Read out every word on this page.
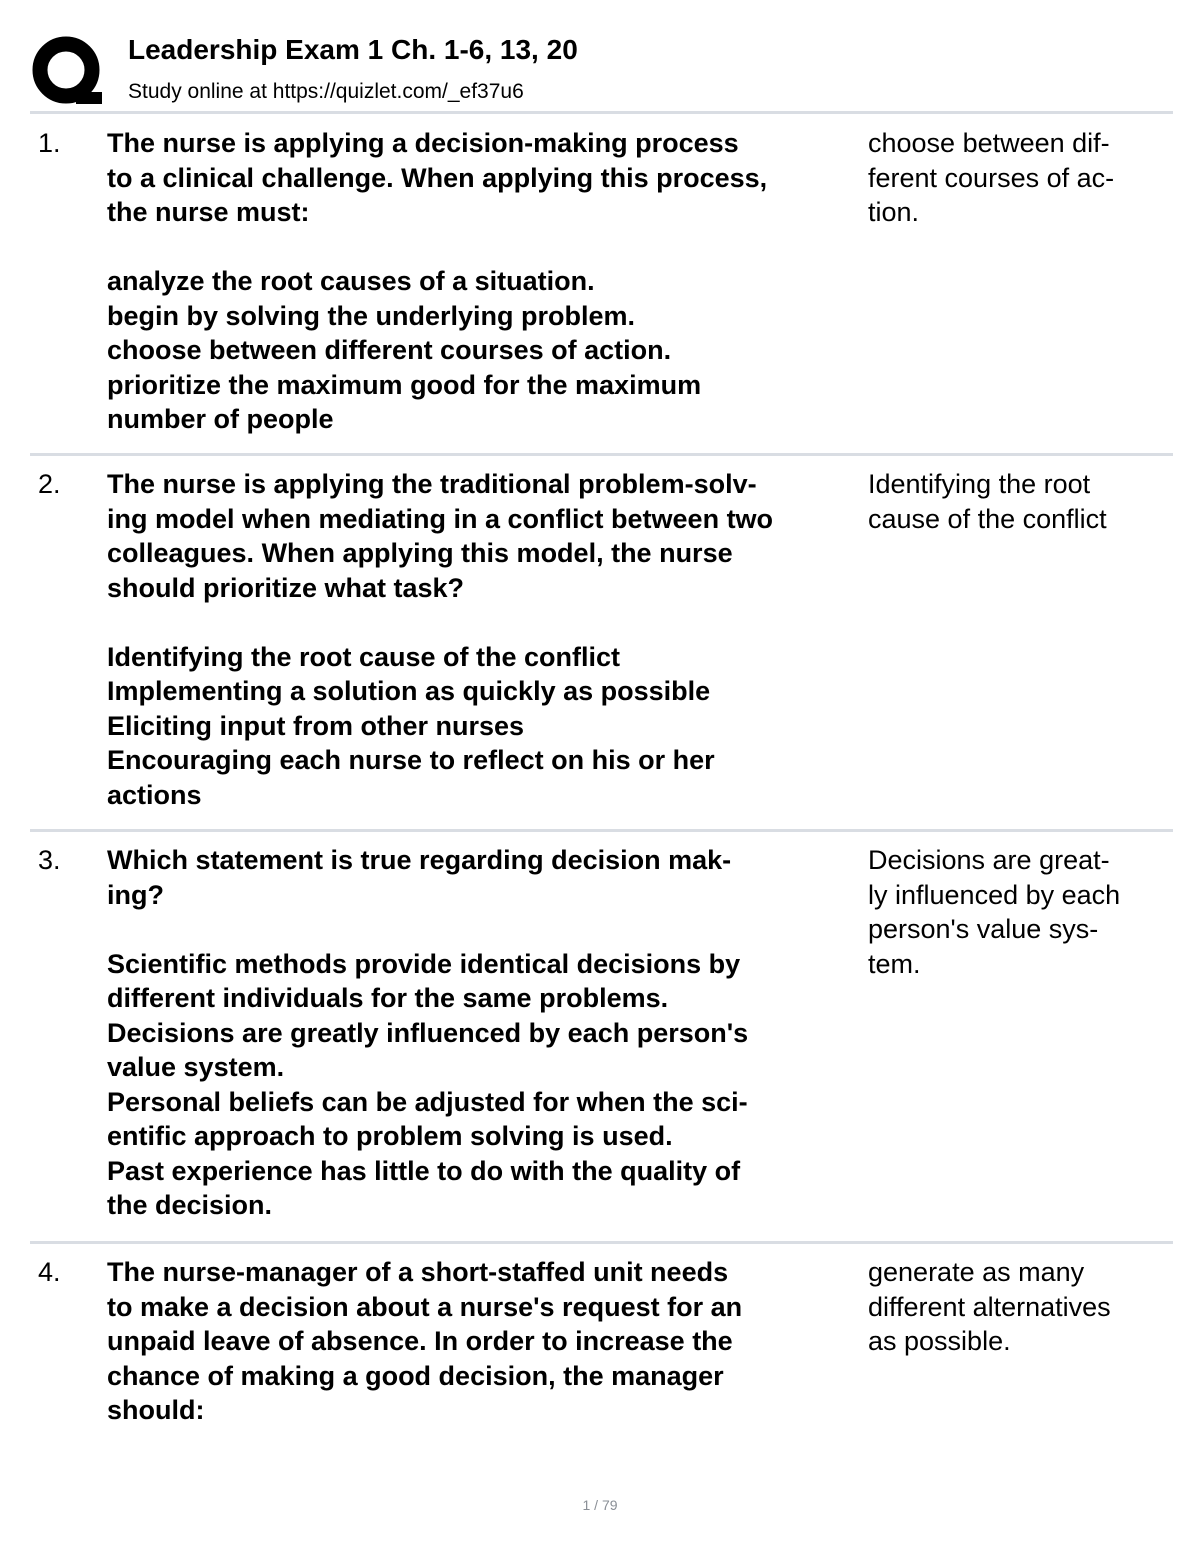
Leadership Exam 1 Ch. 1-6, 13, 20
Study online at https://quizlet.com/_ef37u6
1. The nurse is applying a decision-making process
to a clinical challenge. When applying this process,
the nurse must:
analyze the root causes of a situation.
begin by solving the underlying problem.
choose between different courses of action.
prioritize the maximum good for the maximum
number of people
choose between dif-
ferent courses of ac-
tion.
2. The nurse is applying the traditional problem-solv-
ing model when mediating in a conflict between two
colleagues. When applying this model, the nurse
should prioritize what task?
Identifying the root cause of the conflict
Implementing a solution as quickly as possible
Eliciting input from other nurses
Encouraging each nurse to reflect on his or her
actions
Identifying the root
cause of the conflict
3. Which statement is true regarding decision mak-
ing?
Scientific methods provide identical decisions by
different individuals for the same problems.
Decisions are greatly influenced by each person's
value system.
Personal beliefs can be adjusted for when the sci-
entific approach to problem solving is used.
Past experience has little to do with the quality of
the decision.
Decisions are great-
ly influenced by each
person's value sys-
tem.
4. The nurse-manager of a short-staffed unit needs
to make a decision about a nurse's request for an
unpaid leave of absence. In order to increase the
chance of making a good decision, the manager
should:
generate as many
different alternatives
as possible.
1 / 79
